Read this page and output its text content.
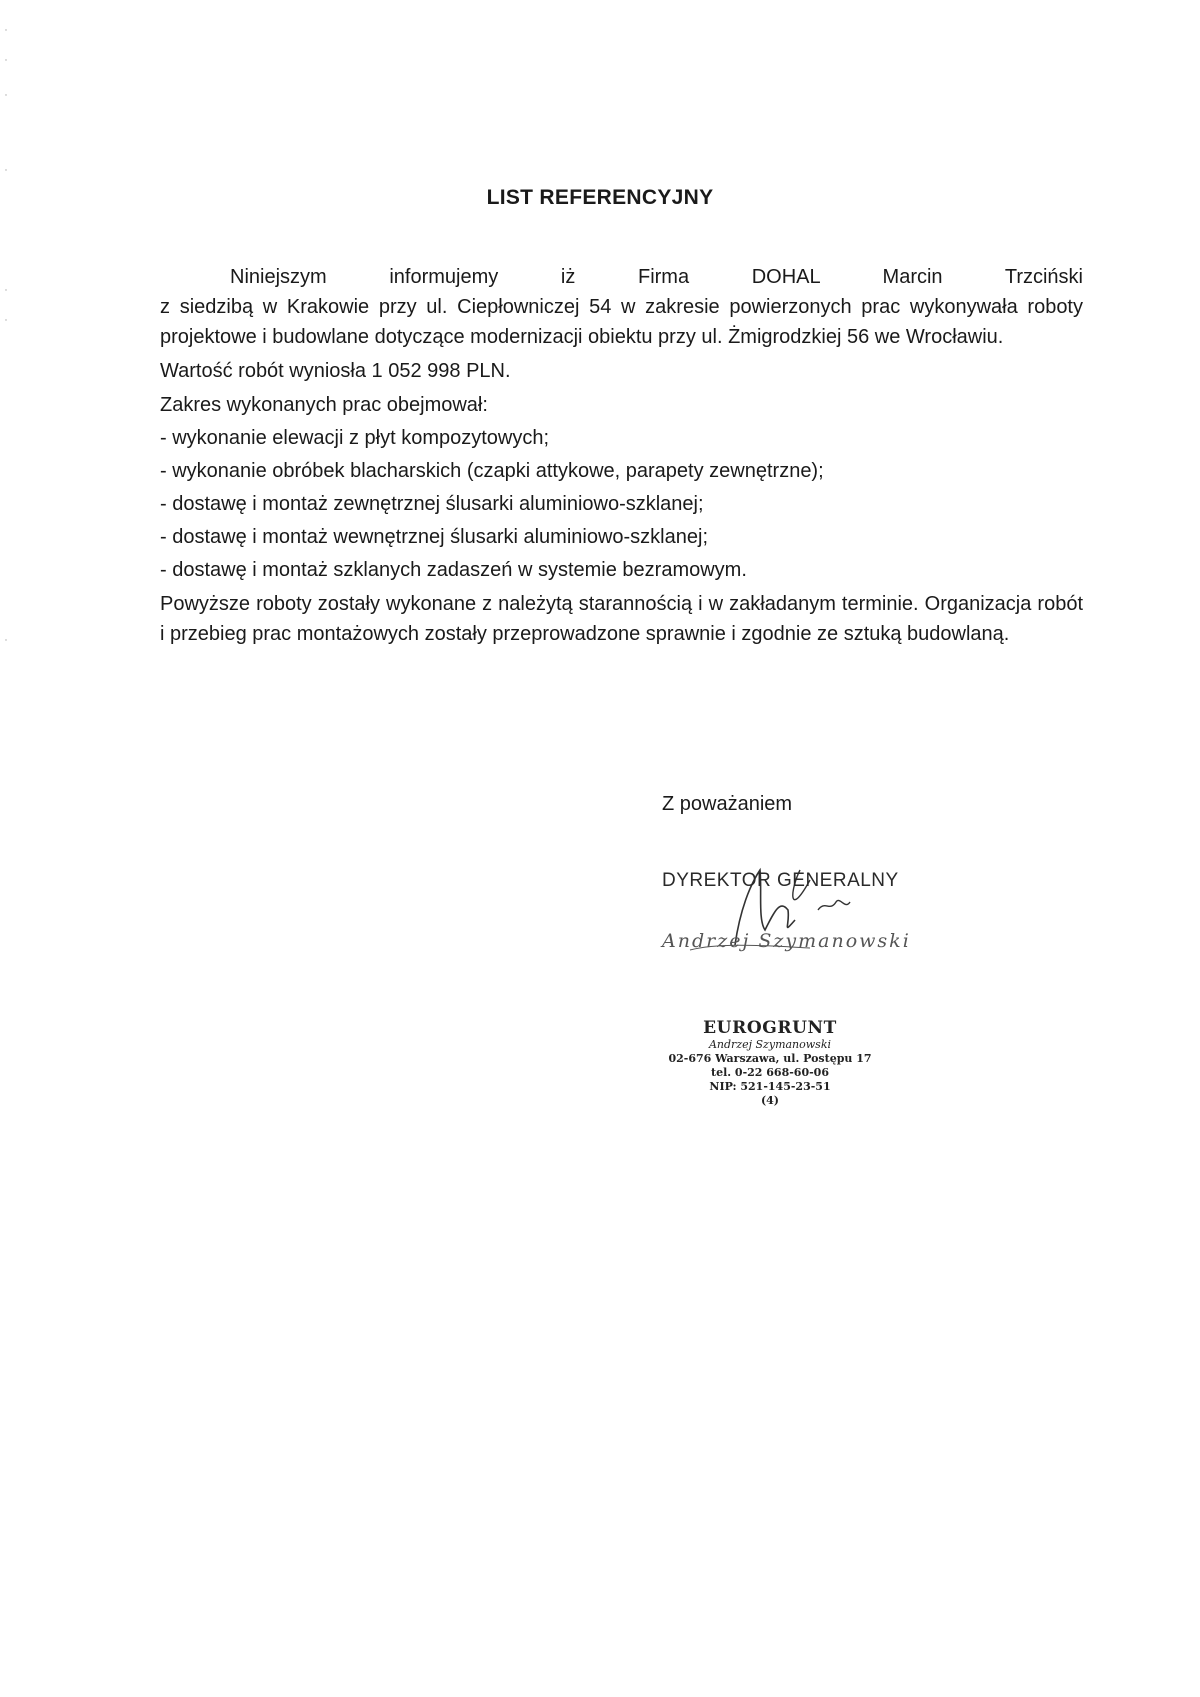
LIST REFERENCYJNY
Niniejszym	informujemy	iż	Firma	DOHAL	Marcin	Trzciński
z siedzibą w Krakowie przy ul. Ciepłowniczej 54 w zakresie powierzonych prac wykonywała roboty projektowe i budowlane dotyczące modernizacji obiektu przy ul. Żmigrodzkiej 56 we Wrocławiu.

Wartość robót wyniosła 1 052 998 PLN.

Zakres wykonanych prac obejmował:

- wykonanie elewacji z płyt kompozytowych;

- wykonanie obróbek blacharskich (czapki attykowe, parapety zewnętrzne);

- dostawę i montaż zewnętrznej ślusarki aluminiowo-szklanej;

- dostawę i montaż wewnętrznej ślusarki aluminiowo-szklanej;

- dostawę i montaż szklanych zadaszeń w systemie bezramowym.

Powyższe roboty zostały wykonane z należytą starannością i w zakładanym terminie. Organizacja robót i przebieg prac montażowych zostały przeprowadzone sprawnie i zgodnie ze sztuką budowlaną.

Z poważaniem
DYREKTOR GENERALNY
Andrzej Szymanowski
EUROGRUNT
Andrzej Szymanowski
02-676 Warszawa, ul. Postępu 17
tel. 0-22 668-60-06
NIP: 521-145-23-51
(4)
